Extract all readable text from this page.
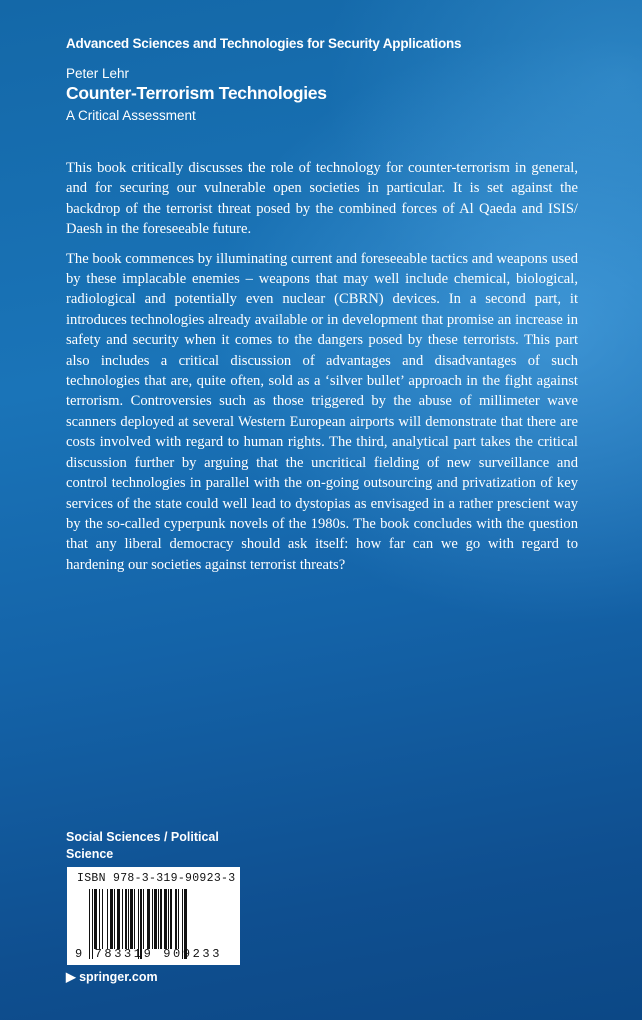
Advanced Sciences and Technologies for Security Applications
Peter Lehr
Counter-Terrorism Technologies
A Critical Assessment

This book critically discusses the role of technology for counter-terrorism in general, and for securing our vulnerable open societies in particular. It is set against the backdrop of the terrorist threat posed by the combined forces of Al Qaeda and ISIS/ Daesh in the foreseeable future.

The book commences by illuminating current and foreseeable tactics and weapons used by these implacable enemies – weapons that may well include chemical, biological, radiological and potentially even nuclear (CBRN) devices. In a second part, it introduces technologies already available or in development that promise an increase in safety and security when it comes to the dangers posed by these terrorists. This part also includes a critical discussion of advantages and disadvantages of such technologies that are, quite often, sold as a ‘silver bullet’ approach in the fight against terrorism. Controversies such as those triggered by the abuse of millimeter wave scanners deployed at several Western European airports will demonstrate that there are costs involved with regard to human rights. The third, analytical part takes the critical discussion further by arguing that the uncritical fielding of new surveillance and control technologies in parallel with the on-going outsourcing and privatization of key services of the state could well lead to dystopias as envisaged in a rather prescient way by the so-called cyperpunk novels of the 1980s. The book concludes with the question that any liberal democracy should ask itself: how far can we go with regard to hardening our societies against terrorist threats?

Social Sciences / Political Science
ISBN 978-3-319-90923-3
9 783319 909233
▶ springer.com
